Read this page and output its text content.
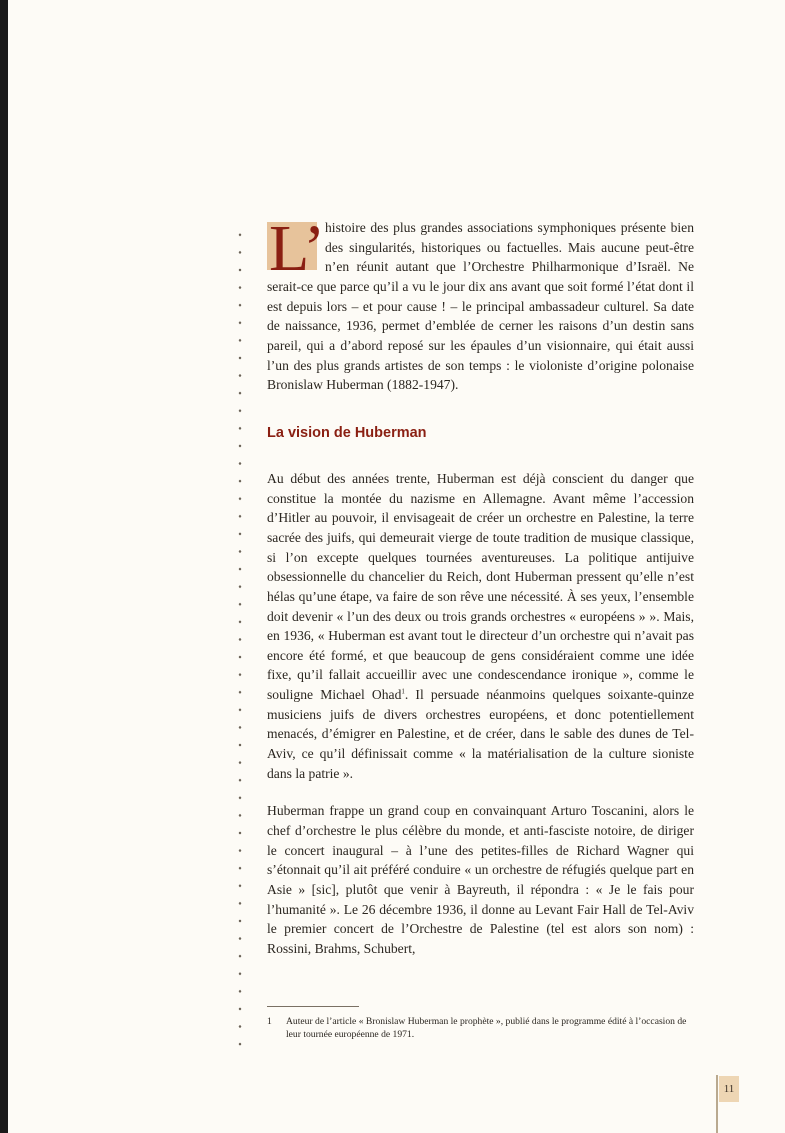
L’ histoire des plus grandes associations symphoniques présente bien des singularités, historiques ou factuelles. Mais aucune peut-être n’en réunit autant que l’Orchestre Philharmonique d’Israël. Ne serait-ce que parce qu’il a vu le jour dix ans avant que soit formé l’état dont il est depuis lors – et pour cause ! – le principal ambassadeur culturel. Sa date de naissance, 1936, permet d’emblée de cerner les raisons d’un destin sans pareil, qui a d’abord reposé sur les épaules d’un visionnaire, qui était aussi l’un des plus grands artistes de son temps : le violoniste d’origine polonaise Bronislaw Huberman (1882-1947).

La vision de Huberman

Au début des années trente, Huberman est déjà conscient du danger que constitue la montée du nazisme en Allemagne. Avant même l’accession d’Hitler au pouvoir, il envisageait de créer un orchestre en Palestine, la terre sacrée des juifs, qui demeurait vierge de toute tradition de musique classique, si l’on excepte quelques tournées aventureuses. La politique antijuive obsessionnelle du chancelier du Reich, dont Huberman pressent qu’elle n’est hélas qu’une étape, va faire de son rêve une nécessité. À ses yeux, l’ensemble doit devenir « l’un des deux ou trois grands orchestres « européens » ». Mais, en 1936, « Huberman est avant tout le directeur d’un orchestre qui n’avait pas encore été formé, et que beaucoup de gens considéraient comme une idée fixe, qu’il fallait accueillir avec une condescendance ironique », comme le souligne Michael Ohad$^1$. Il persuade néanmoins quelques soixante-quinze musiciens juifs de divers orchestres européens, et donc potentiellement menacés, d’émigrer en Palestine, et de créer, dans le sable des dunes de Tel-Aviv, ce qu’il définissait comme « la matérialisation de la culture sioniste dans la patrie ».

Huberman frappe un grand coup en convainquant Arturo Toscanini, alors le chef d’orchestre le plus célèbre du monde, et anti-fasciste notoire, de diriger le concert inaugural – à l’une des petites-filles de Richard Wagner qui s’étonnait qu’il ait préféré conduire « un orchestre de réfugiés quelque part en Asie » [sic], plutôt que venir à Bayreuth, il répondra : « Je le fais pour l’humanité ». Le 26 décembre 1936, il donne au Levant Fair Hall de Tel-Aviv le premier concert de l’Orchestre de Palestine (tel est alors son nom) : Rossini, Brahms, Schubert,

1 Auteur de l’article « Bronislaw Huberman le prophète », publié dans le programme édité à l’occasion de leur tournée européenne de 1971.
11
